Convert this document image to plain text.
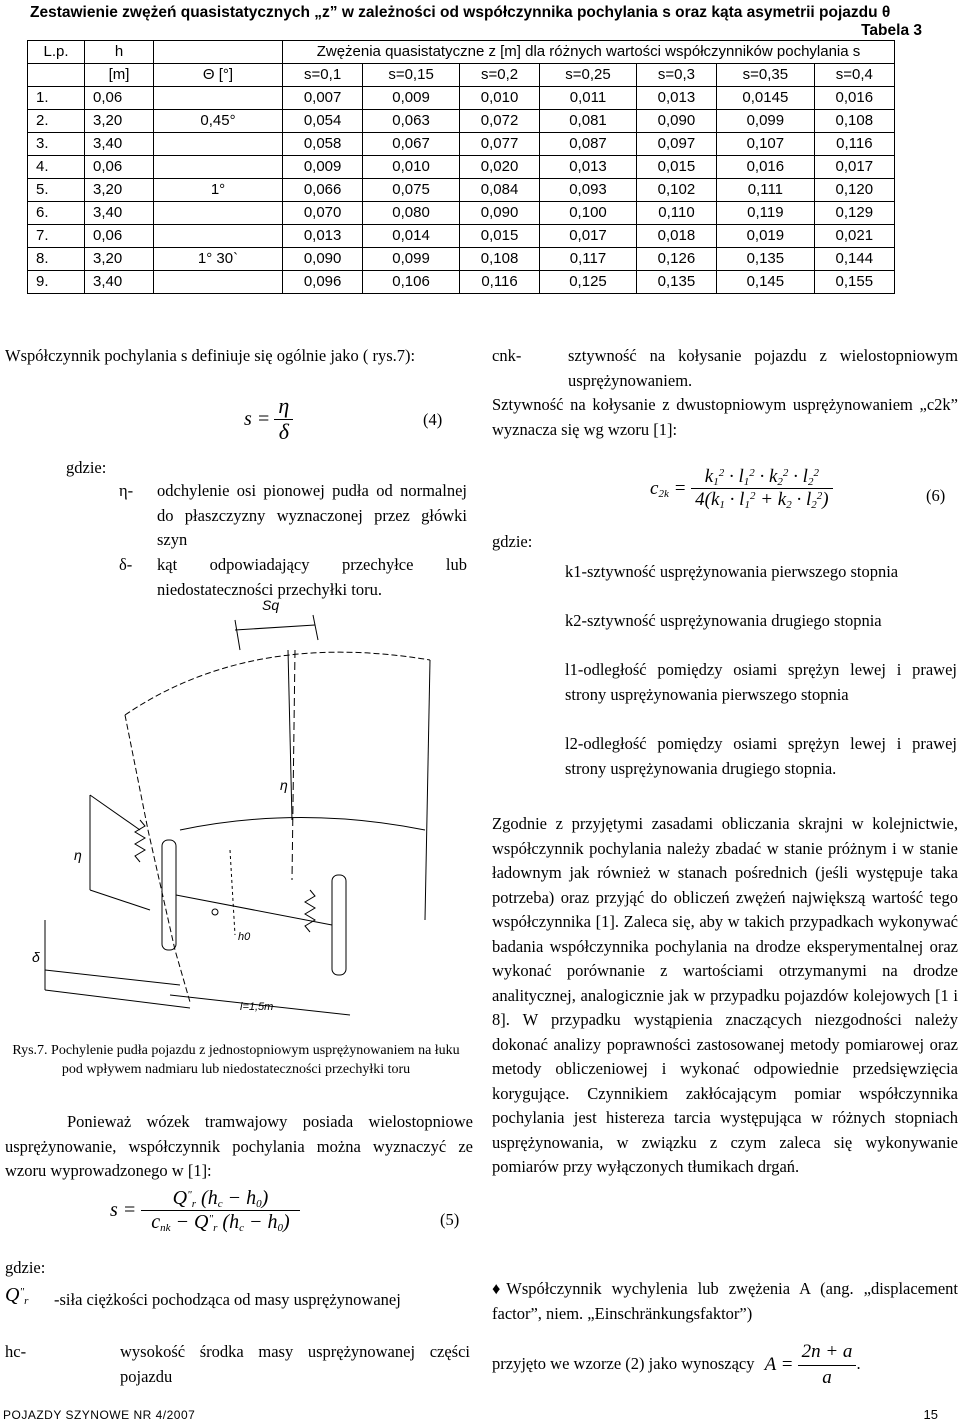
Zestawienie zwężeń quasistatycznych „z” w zależności od współczynnika pochylania s oraz kąta asymetrii pojazdu θ
Tabela 3
L.p.	h		Zwężenia quasistatyczne z [m] dla różnych wartości współczynników pochylania s						
	[m]	Θ [°]	s=0,1	s=0,15	s=0,2	s=0,25	s=0,3	s=0,35	s=0,4
1.	0,06		0,007	0,009	0,010	0,011	0,013	0,0145	0,016
2.	3,20	0,45°	0,054	0,063	0,072	0,081	0,090	0,099	0,108
3.	3,40		0,058	0,067	0,077	0,087	0,097	0,107	0,116
4.	0,06		0,009	0,010	0,020	0,013	0,015	0,016	0,017
5.	3,20	1°	0,066	0,075	0,084	0,093	0,102	0,111	0,120
6.	3,40		0,070	0,080	0,090	0,100	0,110	0,119	0,129
7.	0,06		0,013	0,014	0,015	0,017	0,018	0,019	0,021
8.	3,20	1° 30`	0,090	0,099	0,108	0,117	0,126	0,135	0,144
9.	3,40		0,096	0,106	0,116	0,125	0,135	0,145	0,155
Współczynnik pochylania s definiuje się ogólnie jako ( rys.7):
$s = \frac{\eta}{\delta}$	(4)
gdzie:
η- odchylenie osi pionowej pudła od normalnej do płaszczyzny wyznaczonej przez główki szyn
δ- kąt odpowiadający przechyłce lub niedostateczności przechyłki toru.
Sq
η
η
δ
h0
l=1,5m
Rys.7. Pochylenie pudła pojazdu z jednostopniowym usprężynowaniem na łuku pod wpływem nadmiaru lub niedostateczności przechyłki toru
Ponieważ wózek tramwajowy posiada wielostopniowe usprężynowanie, współczynnik pochylania można wyznaczyć ze wzoru wyprowadzonego w [1]:
$s = \frac{Q^"_r (h_c - h_0)}{c_{nk} - Q^"_r (h_c - h_0)}$	(5)
gdzie:
$Q^"_r$ -siła ciężkości pochodząca od masy usprężynowanej
hc-	wysokość środka masy usprężynowanej części pojazdu
cnk-	sztywność na kołysanie pojazdu z wielostopniowym usprężynowaniem.
Sztywność na kołysanie z dwustopniowym usprężynowaniem „c2k” wyznacza się wg wzoru [1]:
$c_{2k} = \frac{k_1^2 \cdot l_1^2 \cdot k_2^2 \cdot l_2^2}{4(k_1 \cdot l_1^2 + k_2 \cdot l_2^2)}$	(6)
gdzie:
k1-sztywność usprężynowania pierwszego stopnia
k2-sztywność usprężynowania drugiego stopnia
l1-odległość pomiędzy osiami sprężyn lewej i prawej strony usprężynowania pierwszego stopnia
l2-odległość pomiędzy osiami sprężyn lewej i prawej strony usprężynowania drugiego stopnia.
Zgodnie z przyjętymi zasadami obliczania skrajni w kolejnictwie, współczynnik pochylania należy zbadać w stanie próżnym i w stanie ładownym jak również w stanach pośrednich (jeśli występuje taka potrzeba) oraz przyjąć do obliczeń zwężeń największą wartość tego współczynnika [1]. Zaleca się, aby w takich przypadkach wykonywać badania współczynnika pochylania na drodze eksperymentalnej oraz wykonać porównanie z wartościami otrzymanymi na drodze analitycznej, analogicznie jak w przypadku pojazdów kolejowych [1 i 8]. W przypadku wystąpienia znaczących niezgodności należy dokonać analizy poprawności zastosowanej metody pomiarowej oraz metody obliczeniowej i wykonać odpowiednie przedsięwzięcia korygujące. Czynnikiem zakłócającym pomiar współczynnika pochylania jest histereza tarcia występująca w różnych stopniach usprężynowania, w związku z czym zaleca się wykonywanie pomiarów przy wyłączonych tłumikach drgań.
♦Współczynnik wychylenia lub zwężenia A (ang. „displacement factor”, niem. „Einschränkungsfaktor”)
przyjęto we wzorze (2) jako wynoszący $A = \frac{2n + a}{a}$ .
POJAZDY SZYNOWE NR 4/2007	15
